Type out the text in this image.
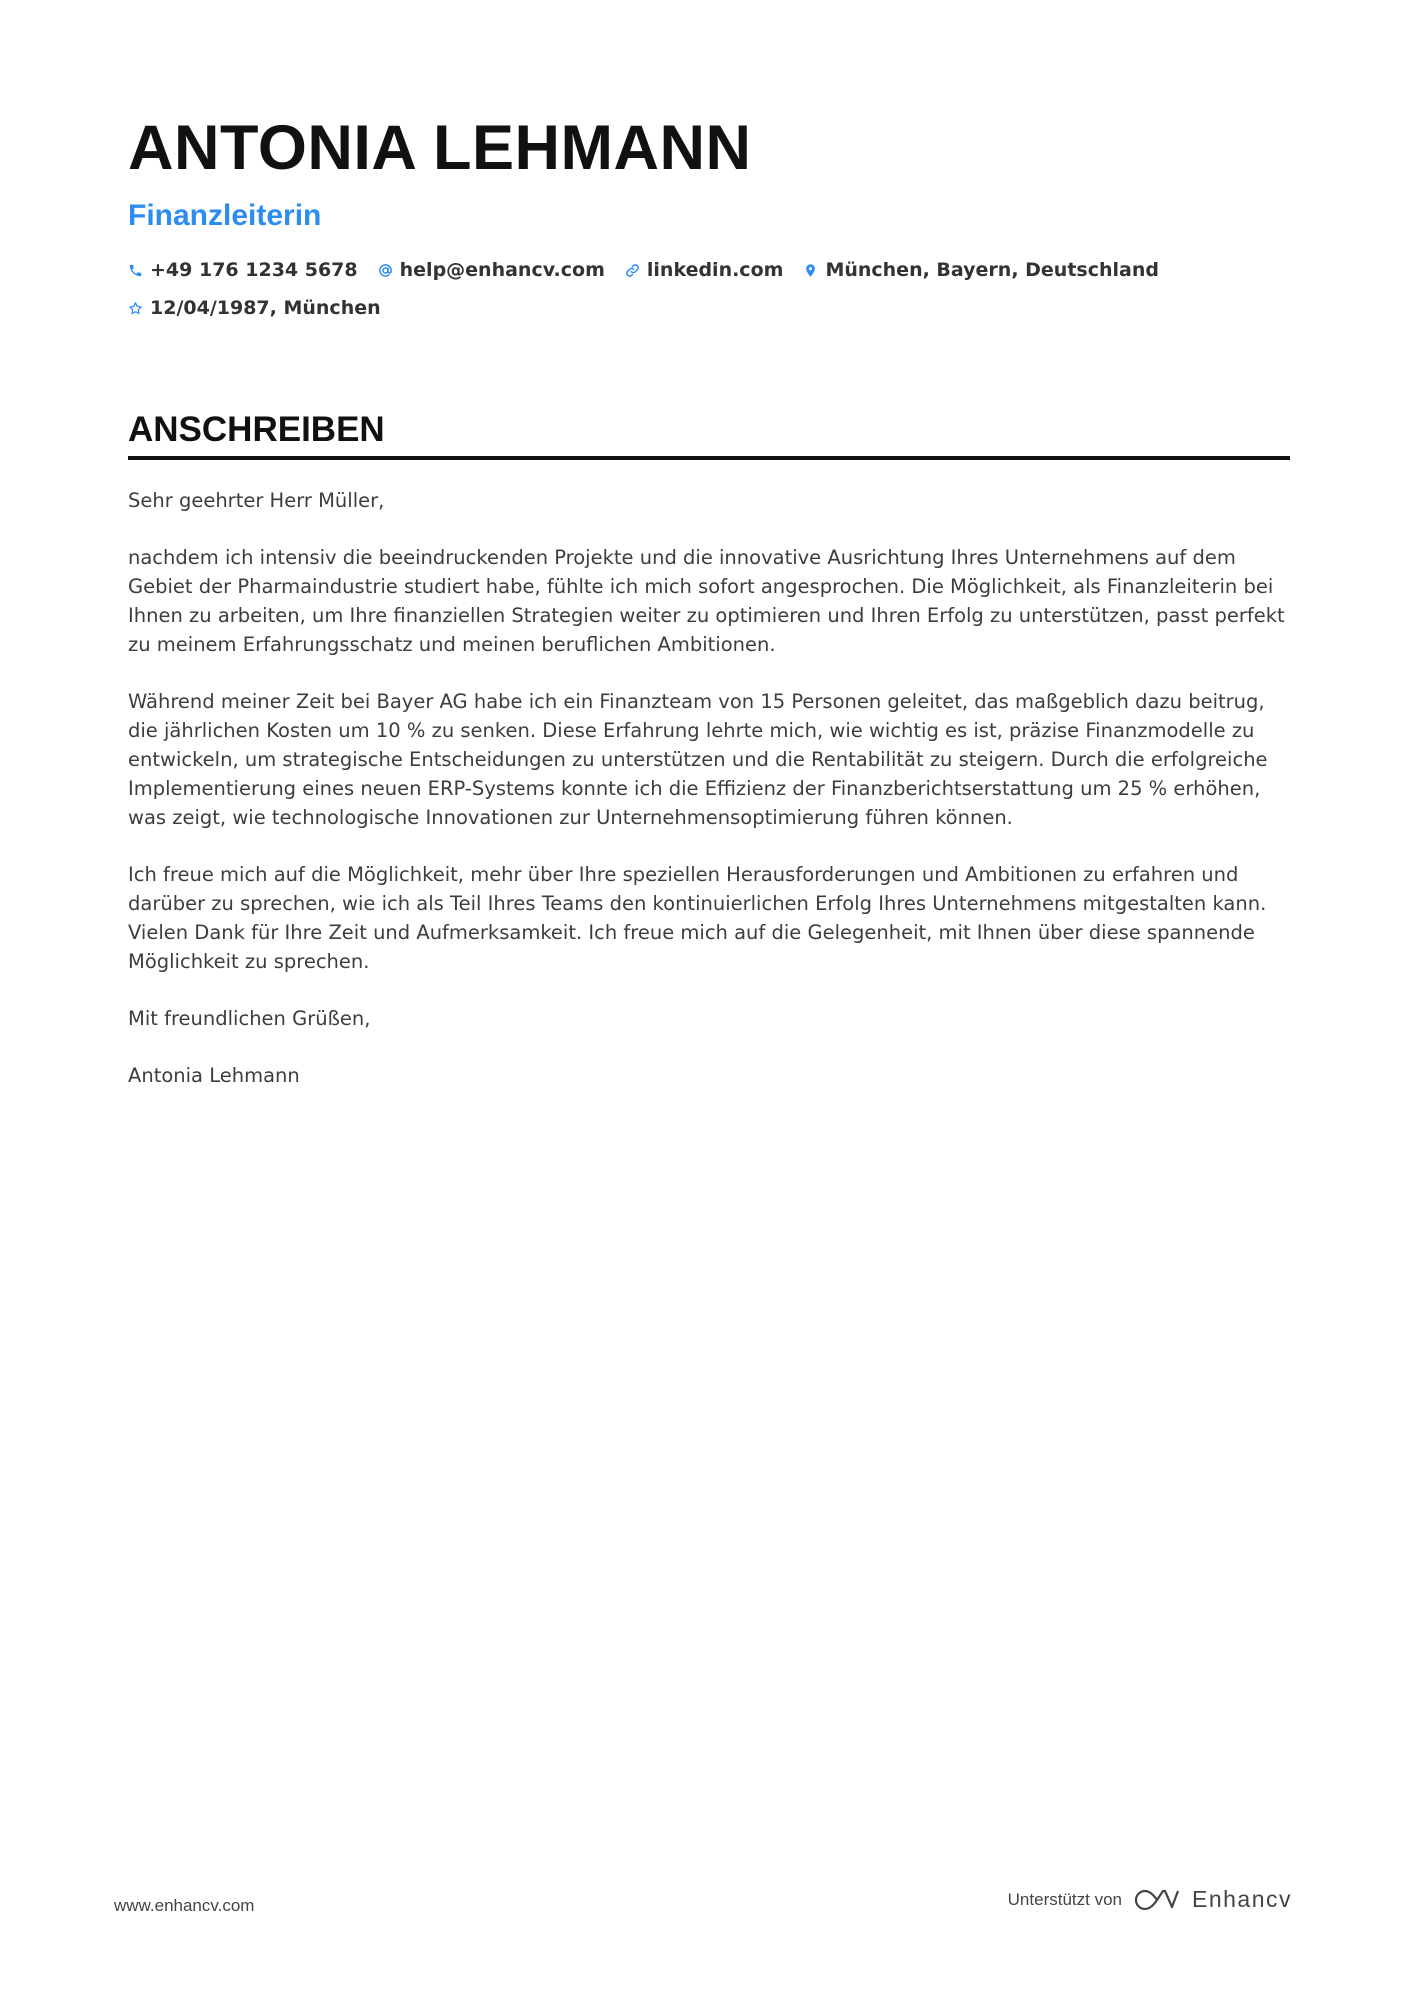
ANTONIA LEHMANN
Finanzleiterin
+49 176 1234 5678 help@enhancv.com linkedin.com München, Bayern, Deutschland
12/04/1987, München
ANSCHREIBEN

Sehr geehrter Herr Müller,

nachdem ich intensiv die beeindruckenden Projekte und die innovative Ausrichtung Ihres Unternehmens auf dem Gebiet der Pharmaindustrie studiert habe, fühlte ich mich sofort angesprochen. Die Möglichkeit, als Finanzleiterin bei Ihnen zu arbeiten, um Ihre finanziellen Strategien weiter zu optimieren und Ihren Erfolg zu unterstützen, passt perfekt zu meinem Erfahrungsschatz und meinen beruflichen Ambitionen.

Während meiner Zeit bei Bayer AG habe ich ein Finanzteam von 15 Personen geleitet, das maßgeblich dazu beitrug, die jährlichen Kosten um 10 % zu senken. Diese Erfahrung lehrte mich, wie wichtig es ist, präzise Finanzmodelle zu entwickeln, um strategische Entscheidungen zu unterstützen und die Rentabilität zu steigern. Durch die erfolgreiche Implementierung eines neuen ERP-Systems konnte ich die Effizienz der Finanzberichtserstattung um 25 % erhöhen, was zeigt, wie technologische Innovationen zur Unternehmensoptimierung führen können.

Ich freue mich auf die Möglichkeit, mehr über Ihre speziellen Herausforderungen und Ambitionen zu erfahren und darüber zu sprechen, wie ich als Teil Ihres Teams den kontinuierlichen Erfolg Ihres Unternehmens mitgestalten kann. Vielen Dank für Ihre Zeit und Aufmerksamkeit. Ich freue mich auf die Gelegenheit, mit Ihnen über diese spannende Möglichkeit zu sprechen.

Mit freundlichen Grüßen,

Antonia Lehmann

www.enhancv.com	Unterstützt von	Enhancv
